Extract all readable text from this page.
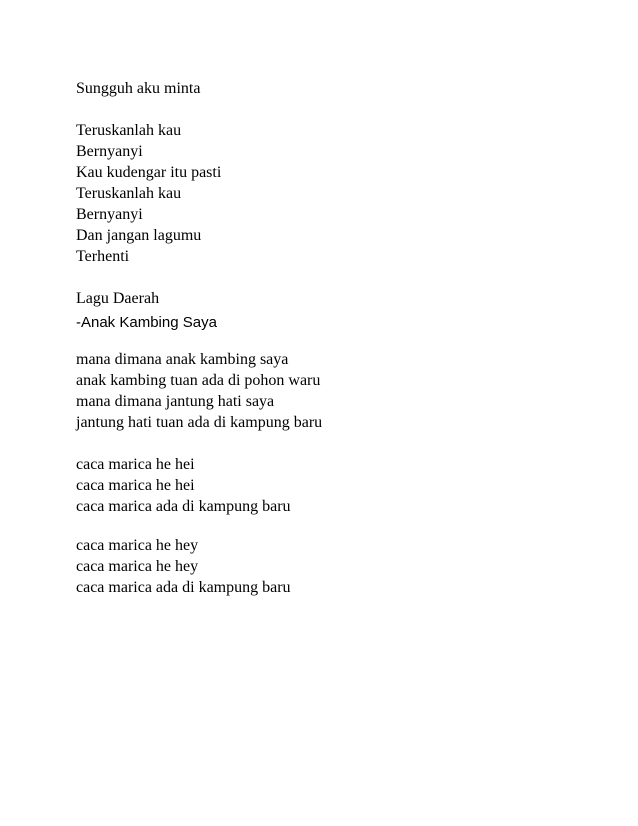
Sungguh aku minta

Teruskanlah kau

Bernyanyi

Kau kudengar itu pasti

Teruskanlah kau

Bernyanyi

Dan jangan lagumu

Terhenti

Lagu Daerah

-Anak Kambing Saya

mana dimana anak kambing saya

anak kambing tuan ada di pohon waru

mana dimana jantung hati saya

jantung hati tuan ada di kampung baru

caca marica he hei

caca marica he hei

caca marica ada di kampung baru

caca marica he hey

caca marica he hey

caca marica ada di kampung baru
